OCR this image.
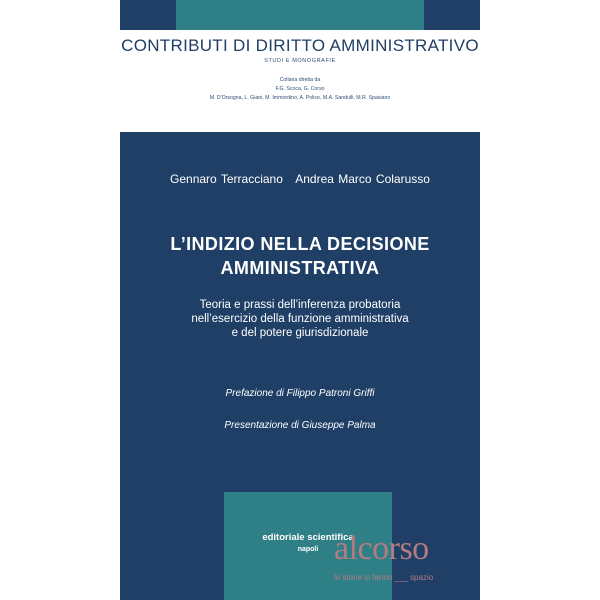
CONTRIBUTI DI DIRITTO AMMINISTRATIVO
STUDI E MONOGRAFIE
Collana diretta da
F.G. Scoca, G. Corso
M. D'Orsogna, L. Giani, M. Immordino, A. Police, M.A. Sandulli, M.R. Spasiano
Gennaro Terracciano Andrea Marco Colarusso
L’INDIZIO NELLA DECISIONE
AMMINISTRATIVA
Teoria e prassi dell’inferenza probatoria
nell’esercizio della funzione amministrativa
e del potere giurisdizionale
Prefazione di Filippo Patroni Griffi
Presentazione di Giuseppe Palma
editoriale scientifica
napoli alcorso
le storie si fanno ___ spazio
